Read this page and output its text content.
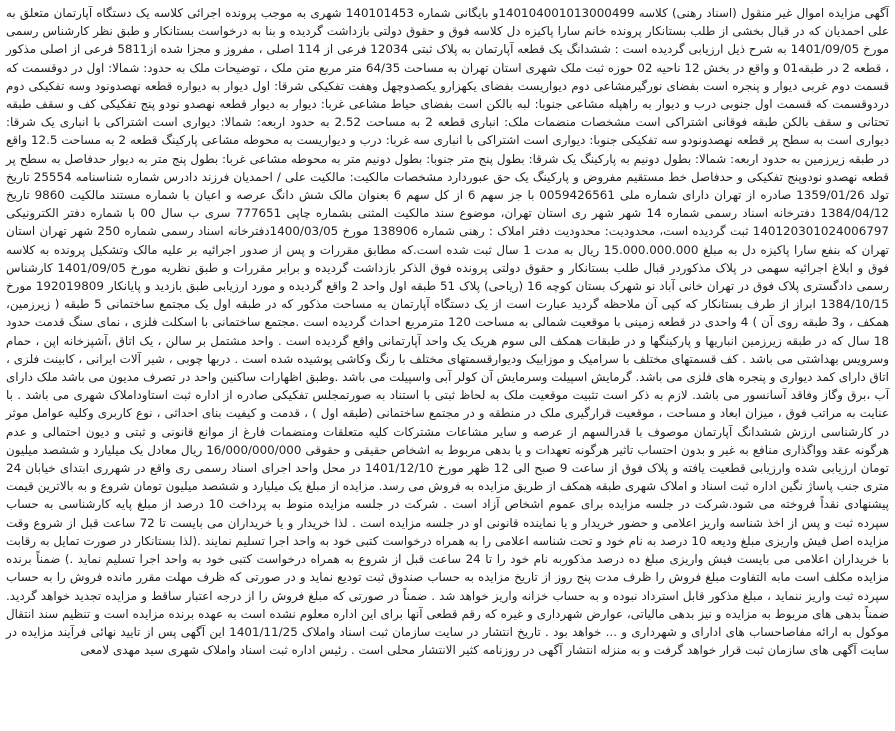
آگهی مزایده اموال غیر منقول (اسناد رهنی) کلاسه 140104001013000499و بایگانی شماره 140101453 شهری به موجب پرونده اجرائی کلاسه یک دستگاه آپارتمان متعلق به علی احمدیان که در قبال بخشی از طلب بستانکار پرونده خانم سارا پاکیزه دل کلاسه فوق و حقوق دولتی بازداشت گردیده و بنا به درخواست بستانکار و طبق نظر کارشناس رسمی مورخ 1401/09/05 به شرح ذیل ارزیابی گردیده است : ششدانگ یک قطعه آپارتمان به پلاک ثبتی 12034 فرعی از 114 اصلی ، مفروز و مجزا شده از5811 فرعی از اصلی مذکور ، قطعه 2 در طبقه01 و واقع در بخش 12 ناحیه 02 حوزه ثبت ملک شهری استان تهران به مساحت 64/35 متر مربع متن ملک ، توضیحات ملک به حدود: شمالا: اول در دوقسمت که قسمت دوم غربی دیوار و پنجره است بفضای نورگیرمشاعی دوم دیواریست بفضای یکهزارو یکصدوچهل وهفت تفکیکی شرقا: اول دیوار به دیواره قطعه نهصدونود وسه تفکیکی دوم دردوقسمت که قسمت اول جنوبی درب و دیوار به راهپله مشاعی جنوبا: لبه بالکن است بفضای حیاط مشاعی غربا: دیوار به دیوار قطعه نهصدو نودو پنج تفکیکی کف و سقف طبقه تحتانی و سقف بالکن طبقه فوقانی اشتراکی است مشخصات منضمات ملک: انباری قطعه 2 به مساحت 2.52 به حدود اربعه: شمالا: دیواری است اشتراکی با انباری یک شرقا: دیواری است به سطح پر قطعه نهصدونودو سه تفکیکی جنوبا: دیواری است اشتراکی با انباری سه غربا: درب و دیواریست به محوطه مشاعی پارکینگ قطعه 2 به مساحت 12.5 واقع در طبقه زیرزمین به حدود اربعه: شمالا: بطول دونیم به پارکینگ یک شرقا: بطول پنج متر جنوبا: بطول دونیم متر به محوطه مشاعی غربا: بطول پنج متر به دیوار حدفاصل به سطح پر قطعه نهصدو نودوپنج تفکیکی و حدفاصل خط مستقیم مفروض و پارکینگ یک حق عبوردارد مشخصات مالکیت: مالکیت علی / احمدیان فرزند دادرس شماره شناسنامه 25554 تاریخ تولد 1359/01/26 صادره از تهران دارای شماره ملی 0059426561 با جز سهم 6 از کل سهم 6 بعنوان مالک شش دانگ عرصه و اعیان با شماره مستند مالکیت 9860 تاریخ 1384/04/12 دفترخانه اسناد رسمی شماره 14 شهر شهر ری استان تهران، موضوع سند مالکیت المثنی بشماره چاپی 777651 سری ب سال 00 با شماره دفتر الکترونیکی 140120301024006797 ثبت گردیده است، محدودیت: محدودیت دفتر املاک : رهنی شماره 138906 مورخ 1400/03/05دفترخانه اسناد رسمی شماره 250 شهر تهران استان تهران که بنفع سارا پاکیزه دل به مبلغ 15.000.000.000 ریال به مدت 1 سال ثبت شده است.که مطابق مقررات و پس از صدور اجرائیه بر علیه مالک وتشکیل پرونده به کلاسه فوق و ابلاغ اجرائیه سهمی در پلاک مذکوردر قبال طلب بستانکار و حقوق دولتی پرونده فوق الذکر بازداشت گردیده و برابر مقررات و طبق نظریه مورخ 1401/09/05 کارشناس رسمی دادگستری پلاک فوق در تهران خانی آباد نو شهرک بستان کوچه 16 (ریاحی) پلاک 51 طبقه اول واحد 2 واقع گردیده و مورد ارزیابی طبق بازدید و پایانکار 192019809 مورخ 1384/10/15 ابراز از طرف بستانکار که کپی آن ملاحظه گردید عبارت است از یک دستگاه آپارتمان به مساحت مذکور که در طبقه اول یک مجتمع ساختمانی 5 طبقه ( زیرزمین، همکف ، و3 طبقه روی آن ) 4 واحدی در قطعه زمینی با موقعیت شمالی به مساحت 120 مترمربع احداث گردیده است .مجتمع ساختمانی با اسکلت فلزی ، نمای سنگ قدمت حدود 18 سال که در طبقه زیرزمین انباریها و پارکینگها و در طبقات همکف الی سوم هریک یک واحد آپارتمانی واقع گردیده است . واحد مشتمل بر سالن ، یک اتاق ،آشپزخانه اپن ، حمام وسرویس بهداشتی می باشد . کف قسمتهای مختلف با سرامیک و موزاییک ودیوارقسمتهای مختلف با رنگ وکاشی پوشیده شده است . دربها چوبی ، شیر آلات ایرانی ، کابینت فلزی ، اتاق دارای کمد دیواری و پنجره های فلزی می باشد. گرمایش اسپیلت وسرمایش آن کولر آبی واسپیلت می باشد .وطبق اظهارات ساکنین واحد در تصرف مدیون می باشد ملک دارای آب ،برق وگاز وفاقد آسانسور می باشد. لازم به ذکر است تثبیت موقعیت ملک به لحاظ ثبتی با استناد به صورتمجلس تفکیکی صادره از اداره ثبت استاوداملاک شهری می باشد . با عنایت به مراتب فوق ، میزان ابعاد و مساحت ، موقعیت قرارگیری ملک در منطقه و در مجتمع ساختمانی (طبقه اول ) ، قدمت و کیفیت بنای احداثی ، نوع کاربری وکلیه عوامل موثر در کارشناسی ارزش ششدانگ آپارتمان موصوف با قدرالسهم از عرصه و سایر مشاعات مشترکات کلیه متعلقات ومنضمات فارغ از موانع قانونی و ثبتی و دیون احتمالی و عدم هرگونه عقد وواگذاری منافع به غیر و بدون احتساب تاثیر هرگونه تعهدات و یا بدهی مربوط به اشخاص حقیقی و حقوقی 16/000/000/000 ریال معادل یک میلیارد و ششصد میلیون تومان ارزیابی شده وارزیابی قطعیت یافته و پلاک فوق از ساعت 9 صبح الی 12 ظهر مورخ 1401/12/10 در محل واحد اجرای اسناد رسمی ری واقع در شهرری ابتدای خیابان 24 متری جنب پاساژ نگین اداره ثبت اسناد و املاک شهری طبقه همکف از طریق مزایده به فروش می رسد. مزایده از مبلغ یک میلیارد و ششصد میلیون تومان شروع و به بالاترین قیمت پیشنهادی نقداً فروخته می شود.شرکت در جلسه مزایده برای عموم اشخاص آزاد است . شرکت در جلسه مزایده منوط به پرداخت 10 درصد از مبلغ پایه کارشناسی به حساب سپرده ثبت و پس از اخذ شناسه واریز اعلامی و حضور خریدار و یا نماینده قانونی او در جلسه مزایده است . لذا خریدار و یا خریداران می بایست تا 72 ساعت قبل از شروع وقت مزایده اصل فیش واریزی مبلغ ودیعه 10 درصد به نام خود و تحت شناسه اعلامی را به همراه درخواست کتبی خود به واحد اجرا تسلیم نمایند .(لذا بستانکار در صورت تمایل به رقابت با خریداران اعلامی می بایست فیش واریزی مبلغ ده درصد مذکوربه نام خود را تا 24 ساعت قبل از شروع به همراه درخواست کتبی خود به واحد اجرا تسلیم نماید .) ضمناً برنده مزایده مکلف است مابه التفاوت مبلغ فروش را ظرف مدت پنج روز از تاریخ مزایده به حساب صندوق ثبت تودیع نماید و در صورتی که ظرف مهلت مقرر مانده فروش را به حساب سپرده ثبت واریز ننماید ، مبلغ مذکور قابل استرداد نبوده و به حساب خزانه واریز خواهد شد . ضمناً در صورتی که مبلغ فروش را از درجه اعتبار ساقط و مزایده تجدید خواهد گردید. ضمناً بدهی های مربوط به مزایده و نیز بدهی مالیاتی، عوارض شهرداری و غیره که رقم قطعی آنها برای این اداره معلوم نشده است به عهده برنده مزایده است و تنظیم سند انتقال موکول به ارائه مفاصاحساب های ادارای و شهرداری و ... خواهد بود . تاریخ انتشار در سایت سازمان ثبت اسناد واملاک 1401/11/25 این آگهی پس از تایید نهائی فرآیند مزایده در سایت آگهی های سازمان ثبت قرار خواهد گرفت و به منزله انتشار آگهی در روزنامه کثیر الانتشار محلی است . رئیس اداره ثبت اسناد واملاک شهری سید مهدی لامعی
